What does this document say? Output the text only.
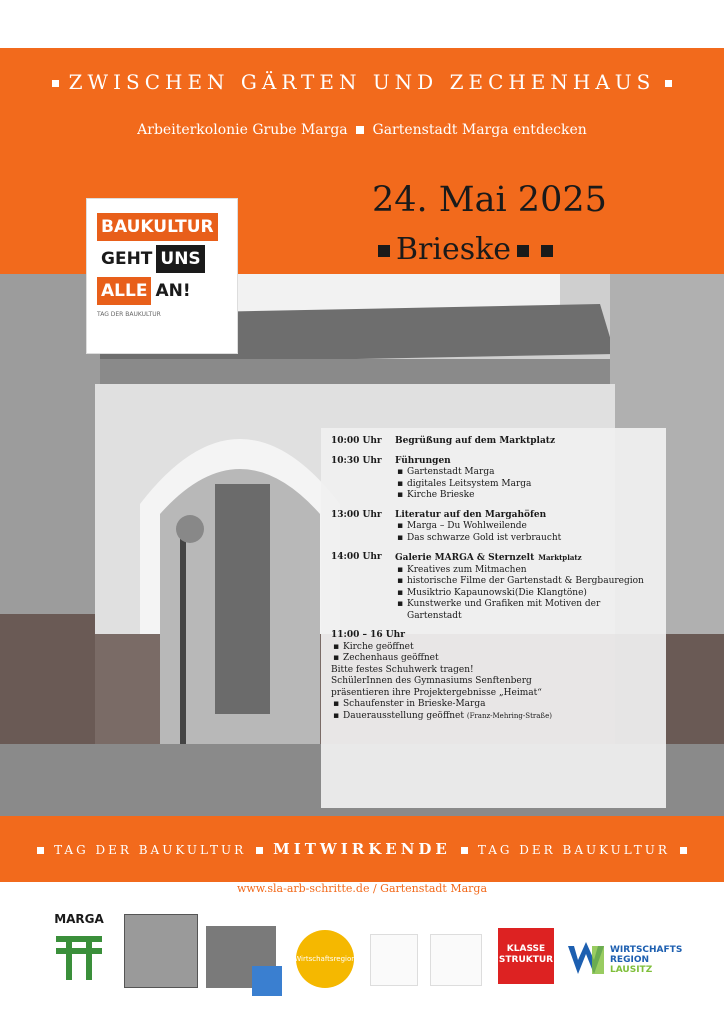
ZWISCHEN GÄRTEN UND ZECHENHAUS
Arbeiterkolonie Grube Marga Gartenstadt Marga entdecken
24. Mai 2025
Brieske
BAUKULTUR
GEHT UNS
ALLE AN!
TAG DER BAUKULTUR
10:00 Uhr	Begrüßung auf dem Marktplatz
10:30 Uhr	Führungen
▪ Gartenstadt Marga
▪ digitales Leitsystem Marga
▪ Kirche Brieske
13:00 Uhr	Literatur auf den Margahöfen
▪ Marga – Du Wohlweilende
▪ Das schwarze Gold ist verbraucht
14:00 Uhr	Galerie MARGA & Sternzelt Marktplatz
▪ Kreatives zum Mitmachen
▪ historische Filme der Gartenstadt & Bergbauregion
▪ Musiktrio Kapaunowski(Die Klangtöne)
▪ Kunstwerke und Grafiken mit Motiven der Gartenstadt
11:00 – 16 Uhr
▪ Kirche geöffnet
▪ Zechenhaus geöffnet
Bitte festes Schuhwerk tragen!
SchülerInnen des Gymnasiums Senftenberg
präsentieren ihre Projektergebnisse „Heimat“
▪ Schaufenster in Brieske-Marga
▪ Dauerausstellung geöffnet (Franz-Mehring-Straße)
TAG DER BAUKULTUR MITWIRKENDE TAG DER BAUKULTUR
www.sla-arb-schritte.de / Gartenstadt Marga
MARGA
Wirtschaftsregion
KLASSE
STRUKTUR
WIRTSCHAFTS
REGION
LAUSITZ
